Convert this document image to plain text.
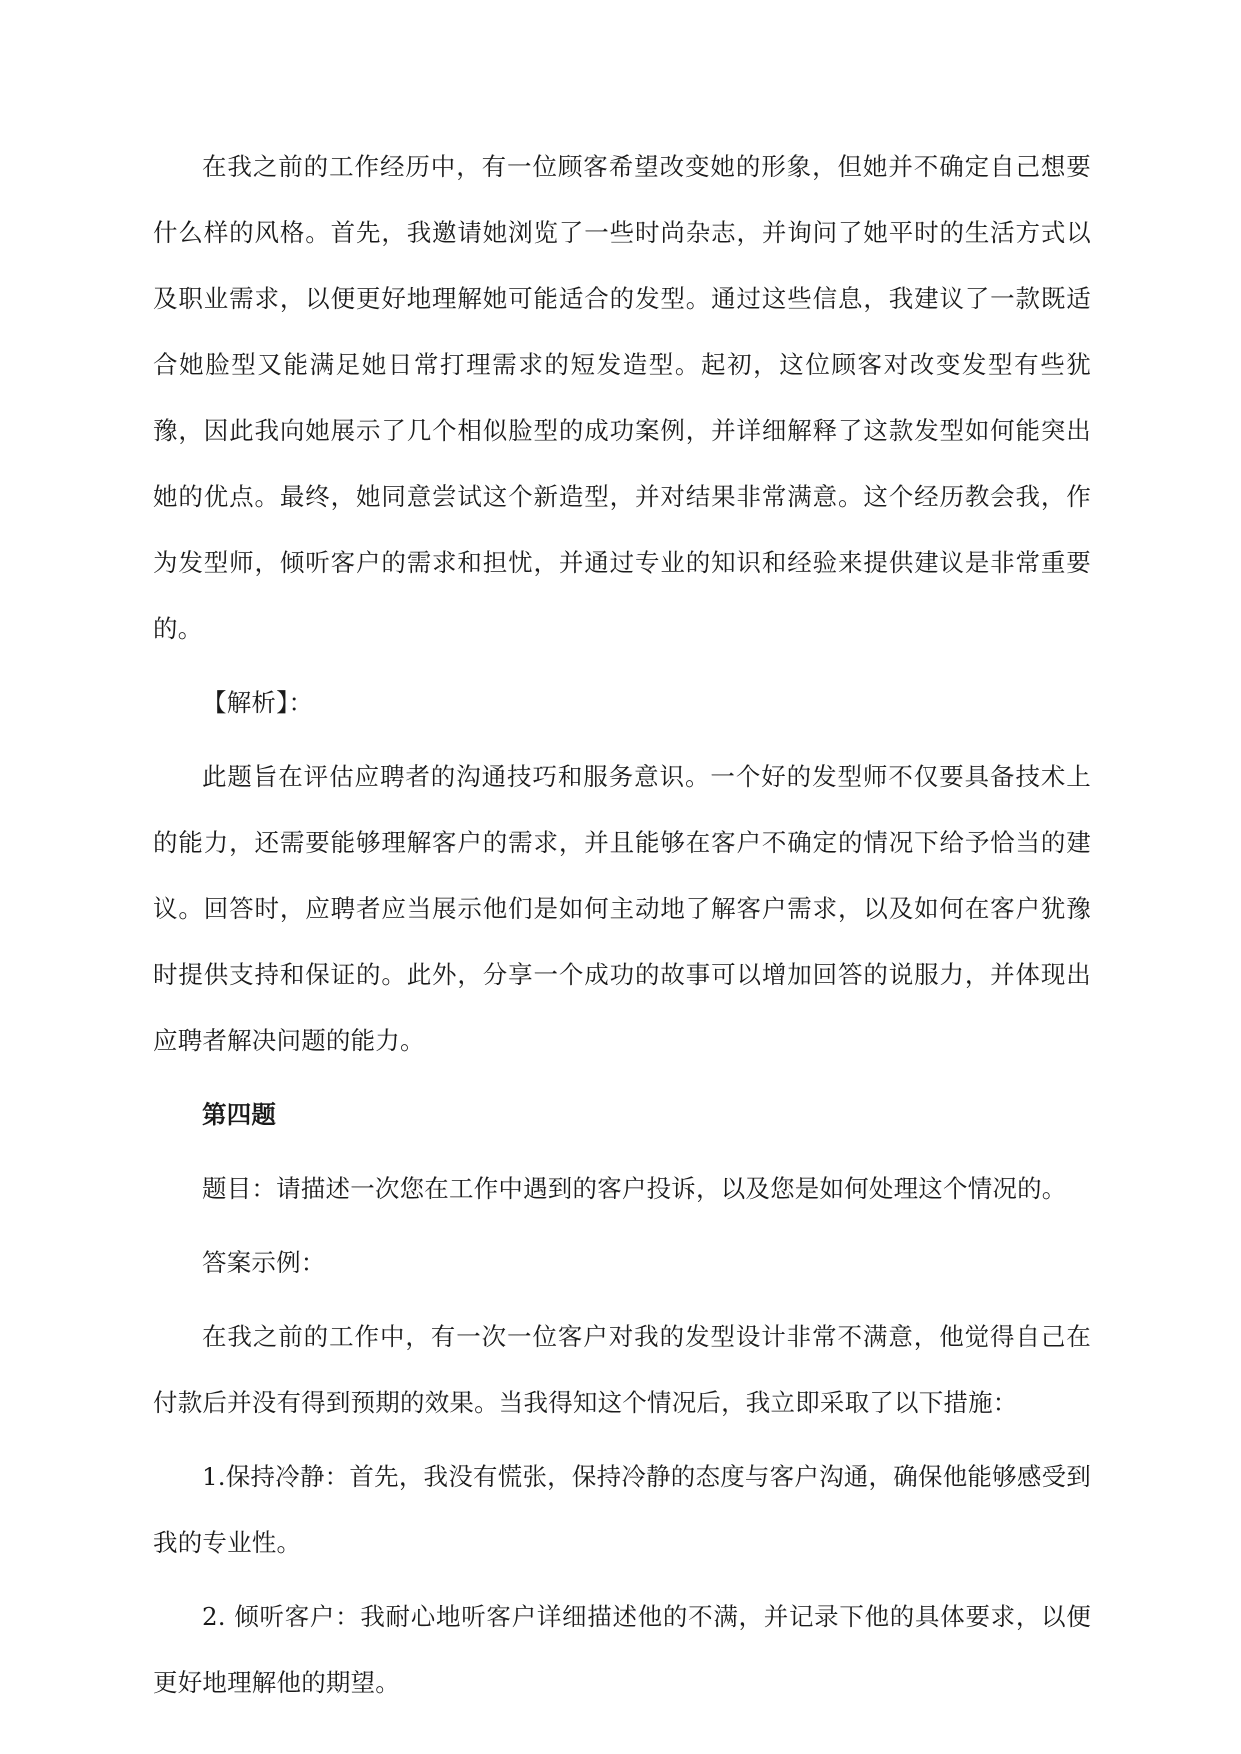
在我之前的工作经历中，有一位顾客希望改变她的形象，但她并不确定自己想要什么样的风格。首先，我邀请她浏览了一些时尚杂志，并询问了她平时的生活方式以及职业需求，以便更好地理解她可能适合的发型。通过这些信息，我建议了一款既适合她脸型又能满足她日常打理需求的短发造型。起初，这位顾客对改变发型有些犹豫，因此我向她展示了几个相似脸型的成功案例，并详细解释了这款发型如何能突出她的优点。最终，她同意尝试这个新造型，并对结果非常满意。这个经历教会我，作为发型师，倾听客户的需求和担忧，并通过专业的知识和经验来提供建议是非常重要的。

【解析】：

此题旨在评估应聘者的沟通技巧和服务意识。一个好的发型师不仅要具备技术上的能力，还需要能够理解客户的需求，并且能够在客户不确定的情况下给予恰当的建议。回答时，应聘者应当展示他们是如何主动地了解客户需求，以及如何在客户犹豫时提供支持和保证的。此外，分享一个成功的故事可以增加回答的说服力，并体现出应聘者解决问题的能力。

第四题

题目：请描述一次您在工作中遇到的客户投诉，以及您是如何处理这个情况的。

答案示例：

在我之前的工作中，有一次一位客户对我的发型设计非常不满意，他觉得自己在付款后并没有得到预期的效果。当我得知这个情况后，我立即采取了以下措施：

1.保持冷静：首先，我没有慌张，保持冷静的态度与客户沟通，确保他能够感受到我的专业性。

2. 倾听客户：我耐心地听客户详细描述他的不满，并记录下他的具体要求，以便更好地理解他的期望。
